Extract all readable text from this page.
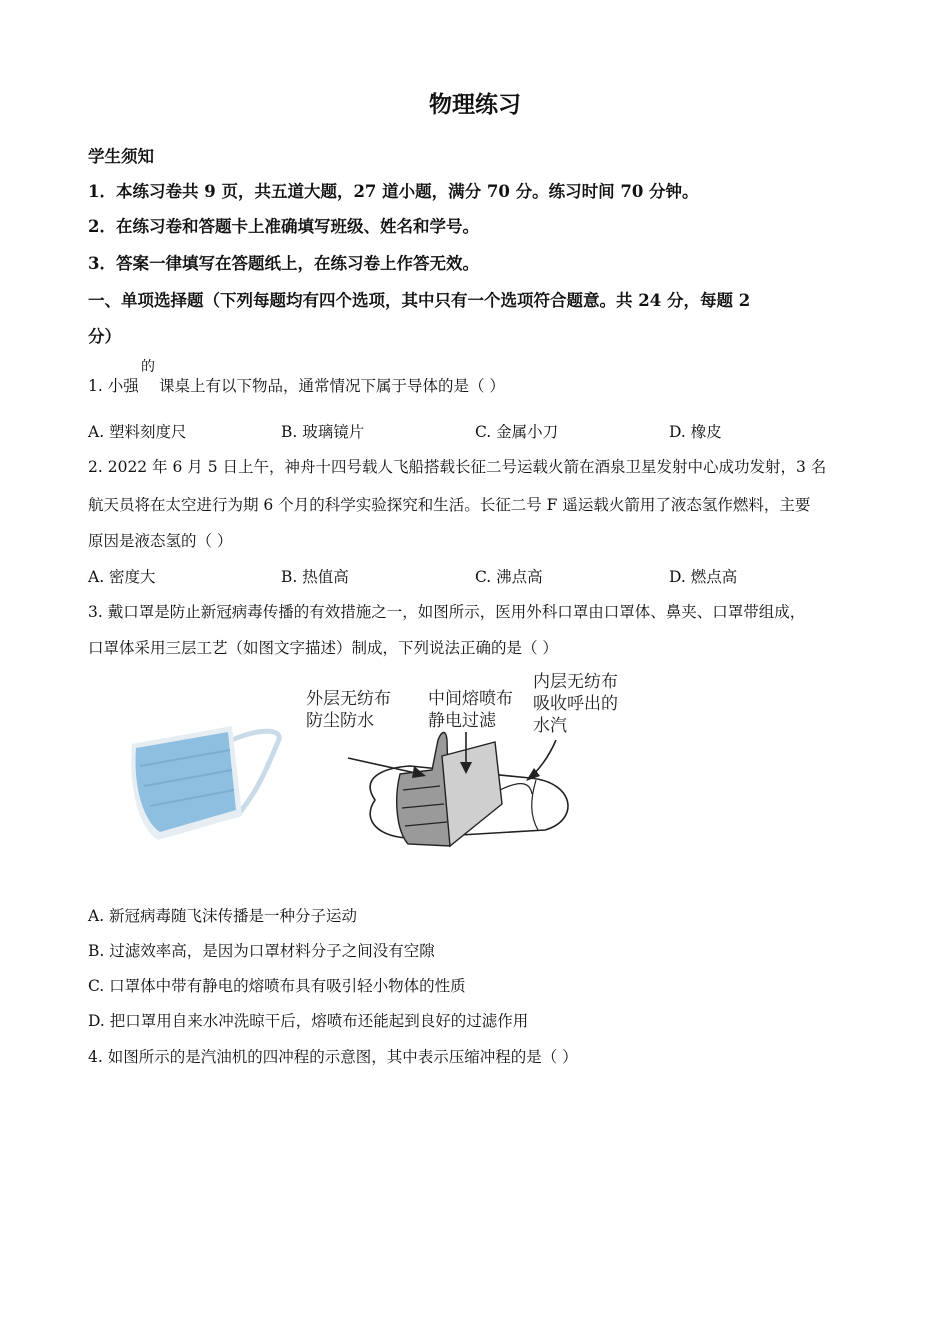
物理练习
学生须知
1．本练习卷共 9 页，共五道大题，27 道小题，满分 70 分。练习时间 70 分钟。
2．在练习卷和答题卡上准确填写班级、姓名和学号。
3．答案一律填写在答题纸上，在练习卷上作答无效。
一、单项选择题（下列每题均有四个选项，其中只有一个选项符合题意。共 24 分，每题 2
分）
的
1. 小强 课桌上有以下物品，通常情况下属于导体的是（ ）
A. 塑料刻度尺	B. 玻璃镜片	C. 金属小刀	D. 橡皮
2. 2022 年 6 月 5 日上午，神舟十四号载人飞船搭载长征二号运载火箭在酒泉卫星发射中心成功发射，3 名
航天员将在太空进行为期 6 个月的科学实验探究和生活。长征二号 F 遥运载火箭用了液态氢作燃料，主要
原因是液态氢的（ ）
A. 密度大	B. 热值高	C. 沸点高	D. 燃点高
3. 戴口罩是防止新冠病毒传播的有效措施之一，如图所示，医用外科口罩由口罩体、鼻夹、口罩带组成，
口罩体采用三层工艺（如图文字描述）制成，下列说法正确的是（ ）
外层无纺布
防尘防水
中间熔喷布
静电过滤
内层无纺布
吸收呼出的
水汽
A. 新冠病毒随飞沫传播是一种分子运动
B. 过滤效率高，是因为口罩材料分子之间没有空隙
C. 口罩体中带有静电的熔喷布具有吸引轻小物体的性质
D. 把口罩用自来水冲洗晾干后，熔喷布还能起到良好的过滤作用
4. 如图所示的是汽油机的四冲程的示意图，其中表示压缩冲程的是（ ）
